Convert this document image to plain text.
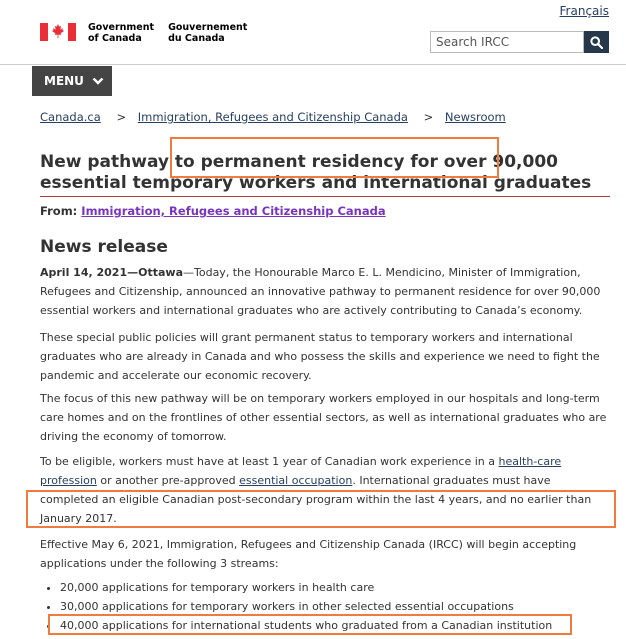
Français
Government
of Canada
Gouvernement
du Canada
Search IRCC
MENU
Canada.ca > Immigration, Refugees and Citizenship Canada > Newsroom
New pathway to permanent residency for over 90,000 essential temporary workers and international graduates
From: Immigration, Refugees and Citizenship Canada
News release

April 14, 2021—Ottawa—Today, the Honourable Marco E. L. Mendicino, Minister of Immigration, Refugees and Citizenship, announced an innovative pathway to permanent residence for over 90,000 essential workers and international graduates who are actively contributing to Canada’s economy.

These special public policies will grant permanent status to temporary workers and international graduates who are already in Canada and who possess the skills and experience we need to fight the pandemic and accelerate our economic recovery.

The focus of this new pathway will be on temporary workers employed in our hospitals and long-term care homes and on the frontlines of other essential sectors, as well as international graduates who are driving the economy of tomorrow.

To be eligible, workers must have at least 1 year of Canadian work experience in a health-care profession or another pre-approved essential occupation. International graduates must have completed an eligible Canadian post-secondary program within the last 4 years, and no earlier than January 2017.

Effective May 6, 2021, Immigration, Refugees and Citizenship Canada (IRCC) will begin accepting applications under the following 3 streams:

• 20,000 applications for temporary workers in health care
• 30,000 applications for temporary workers in other selected essential occupations
• 40,000 applications for international students who graduated from a Canadian institution
